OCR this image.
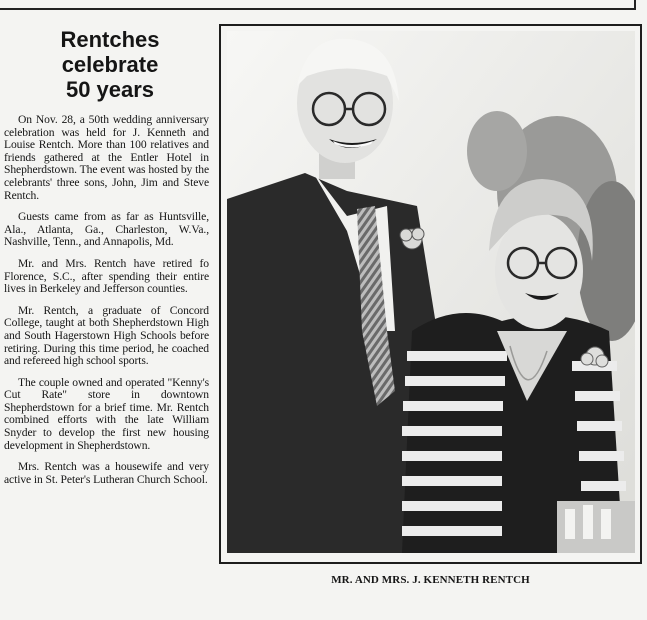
Rentches
celebrate
50 years

On Nov. 28, a 50th wedding anniversary celebration was held for J. Kenneth and Louise Rentch. More than 100 relatives and friends gathered at the Entler Hotel in Shepherdstown. The event was hosted by the celebrants' three sons, John, Jim and Steve Rentch.

Guests came from as far as Huntsville, Ala., Atlanta, Ga., Charleston, W.Va., Nashville, Tenn., and Annapolis, Md.

Mr. and Mrs. Rentch have retired fo Florence, S.C., after spending their entire lives in Berkeley and Jefferson counties.

Mr. Rentch, a graduate of Concord College, taught at both Shepherdstown High and South Hagerstown High Schools before retiring. During this time period, he coached and refereed high school sports.

The couple owned and operated "Kenny's Cut Rate" store in downtown Shepherdstown for a brief time. Mr. Rentch combined efforts with the late William Snyder to develop the first new housing development in Shepherdstown.

Mrs. Rentch was a housewife and very active in St. Peter's Lutheran Church School.

MR. AND MRS. J. KENNETH RENTCH
